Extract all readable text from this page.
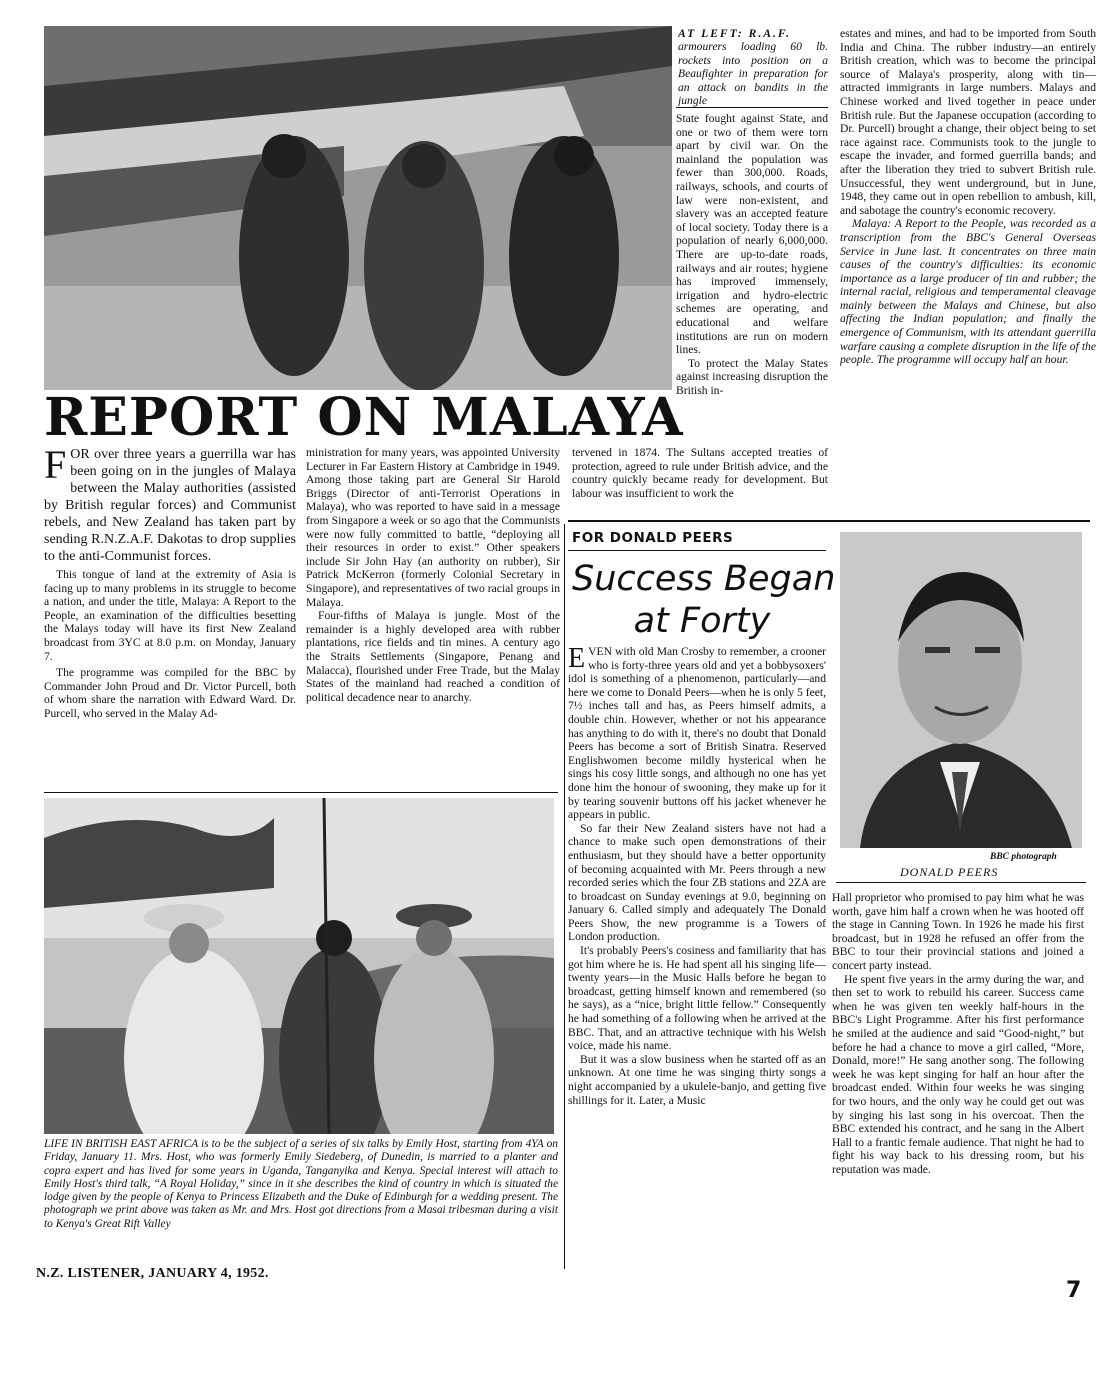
AT LEFT: R.A.F.
armourers loading 60 lb. rockets into position on a Beaufighter in preparation for an attack on bandits in the jungle
REPORT ON MALAYA

FOR over three years a guerrilla war has been going on in the jungles of Malaya between the Malay authorities (assisted by British regular forces) and Communist rebels, and New Zealand has taken part by sending R.N.Z.A.F. Dakotas to drop supplies to the anti-Communist forces.

This tongue of land at the extremity of Asia is facing up to many problems in its struggle to become a nation, and under the title, Malaya: A Report to the People, an examination of the difficulties besetting the Malays today will have its first New Zealand broadcast from 3YC at 8.0 p.m. on Monday, January 7.

The programme was compiled for the BBC by Commander John Proud and Dr. Victor Purcell, both of whom share the narration with Edward Ward. Dr. Purcell, who served in the Malay Ad-

ministration for many years, was appointed University Lecturer in Far Eastern History at Cambridge in 1949. Among those taking part are General Sir Harold Briggs (Director of anti-Terrorist Operations in Malaya), who was reported to have said in a message from Singapore a week or so ago that the Communists were now fully committed to battle, “deploying all their resources in order to exist.” Other speakers include Sir John Hay (an authority on rubber), Sir Patrick McKerron (formerly Colonial Secretary in Singapore), and representatives of two racial groups in Malaya.

Four-fifths of Malaya is jungle. Most of the remainder is a highly developed area with rubber plantations, rice fields and tin mines. A century ago the Straits Settlements (Singapore, Penang and Malacca), flourished under Free Trade, but the Malay States of the mainland had reached a condition of political decadence near to anarchy.

State fought against State, and one or two of them were torn apart by civil war. On the mainland the population was fewer than 300,000. Roads, railways, schools, and courts of law were non-existent, and slavery was an accepted feature of local society. Today there is a population of nearly 6,000,000. There are up-to-date roads, railways and air routes; hygiene has improved immensely, irrigation and hydro-electric schemes are operating, and educational and welfare institutions are run on modern lines.

To protect the Malay States against increasing disruption the British in-

tervened in 1874. The Sultans accepted treaties of protection, agreed to rule under British advice, and the country quickly became ready for development. But labour was insufficient to work the

estates and mines, and had to be imported from South India and China. The rubber industry—an entirely British creation, which was to become the principal source of Malaya's prosperity, along with tin—attracted immigrants in large numbers. Malays and Chinese worked and lived together in peace under British rule. But the Japanese occupation (according to Dr. Purcell) brought a change, their object being to set race against race. Communists took to the jungle to escape the invader, and formed guerrilla bands; and after the liberation they tried to subvert British rule. Unsuccessful, they went underground, but in June, 1948, they came out in open rebellion to ambush, kill, and sabotage the country's economic recovery.

Malaya: A Report to the People, was recorded as a transcription from the BBC's General Overseas Service in June last. It concentrates on three main causes of the country's difficulties: its economic importance as a large producer of tin and rubber; the internal racial, religious and temperamental cleavage mainly between the Malays and Chinese, but also affecting the Indian population; and finally the emergence of Communism, with its attendant guerrilla warfare causing a complete disruption in the life of the people. The programme will occupy half an hour.

LIFE IN BRITISH EAST AFRICA is to be the subject of a series of six talks by Emily Host, starting from 4YA on Friday, January 11. Mrs. Host, who was formerly Emily Siedeberg, of Dunedin, is married to a planter and copra expert and has lived for some years in Uganda, Tanganyika and Kenya. Special interest will attach to Emily Host's third talk, “A Royal Holiday,” since in it she describes the kind of country in which is situated the lodge given by the people of Kenya to Princess Elizabeth and the Duke of Edinburgh for a wedding present. The photograph we print above was taken as Mr. and Mrs. Host got directions from a Masai tribesman during a visit to Kenya's Great Rift Valley
FOR DONALD PEERS
Success Began
at Forty

EVEN with old Man Crosby to remember, a crooner who is forty-three years old and yet a bobbysoxers' idol is something of a phenomenon, particularly—and here we come to Donald Peers—when he is only 5 feet, 7½ inches tall and has, as Peers himself admits, a double chin. However, whether or not his appearance has anything to do with it, there's no doubt that Donald Peers has become a sort of British Sinatra. Reserved Englishwomen become mildly hysterical when he sings his cosy little songs, and although no one has yet done him the honour of swooning, they make up for it by tearing souvenir buttons off his jacket whenever he appears in public.

So far their New Zealand sisters have not had a chance to make such open demonstrations of their enthusiasm, but they should have a better opportunity of becoming acquainted with Mr. Peers through a new recorded series which the four ZB stations and 2ZA are to broadcast on Sunday evenings at 9.0, beginning on January 6. Called simply and adequately The Donald Peers Show, the new programme is a Towers of London production.

It's probably Peers's cosiness and familiarity that has got him where he is. He had spent all his singing life—twenty years—in the Music Halls before he began to broadcast, getting himself known and remembered (so he says), as a “nice, bright little fellow.” Consequently he had something of a following when he arrived at the BBC. That, and an attractive technique with his Welsh voice, made his name.

But it was a slow business when he started off as an unknown. At one time he was singing thirty songs a night accompanied by a ukulele-banjo, and getting five shillings for it. Later, a Music

BBC photograph
DONALD PEERS

Hall proprietor who promised to pay him what he was worth, gave him half a crown when he was hooted off the stage in Canning Town. In 1926 he made his first broadcast, but in 1928 he refused an offer from the BBC to tour their provincial stations and joined a concert party instead.

He spent five years in the army during the war, and then set to work to rebuild his career. Success came when he was given ten weekly half-hours in the BBC's Light Programme. After his first performance he smiled at the audience and said “Good-night,” but before he had a chance to move a girl called, “More, Donald, more!” He sang another song. The following week he was kept singing for half an hour after the broadcast ended. Within four weeks he was singing for two hours, and the only way he could get out was by singing his last song in his overcoat. Then the BBC extended his contract, and he sang in the Albert Hall to a frantic female audience. That night he had to fight his way back to his dressing room, but his reputation was made.

N.Z. LISTENER, JANUARY 4, 1952.
7
